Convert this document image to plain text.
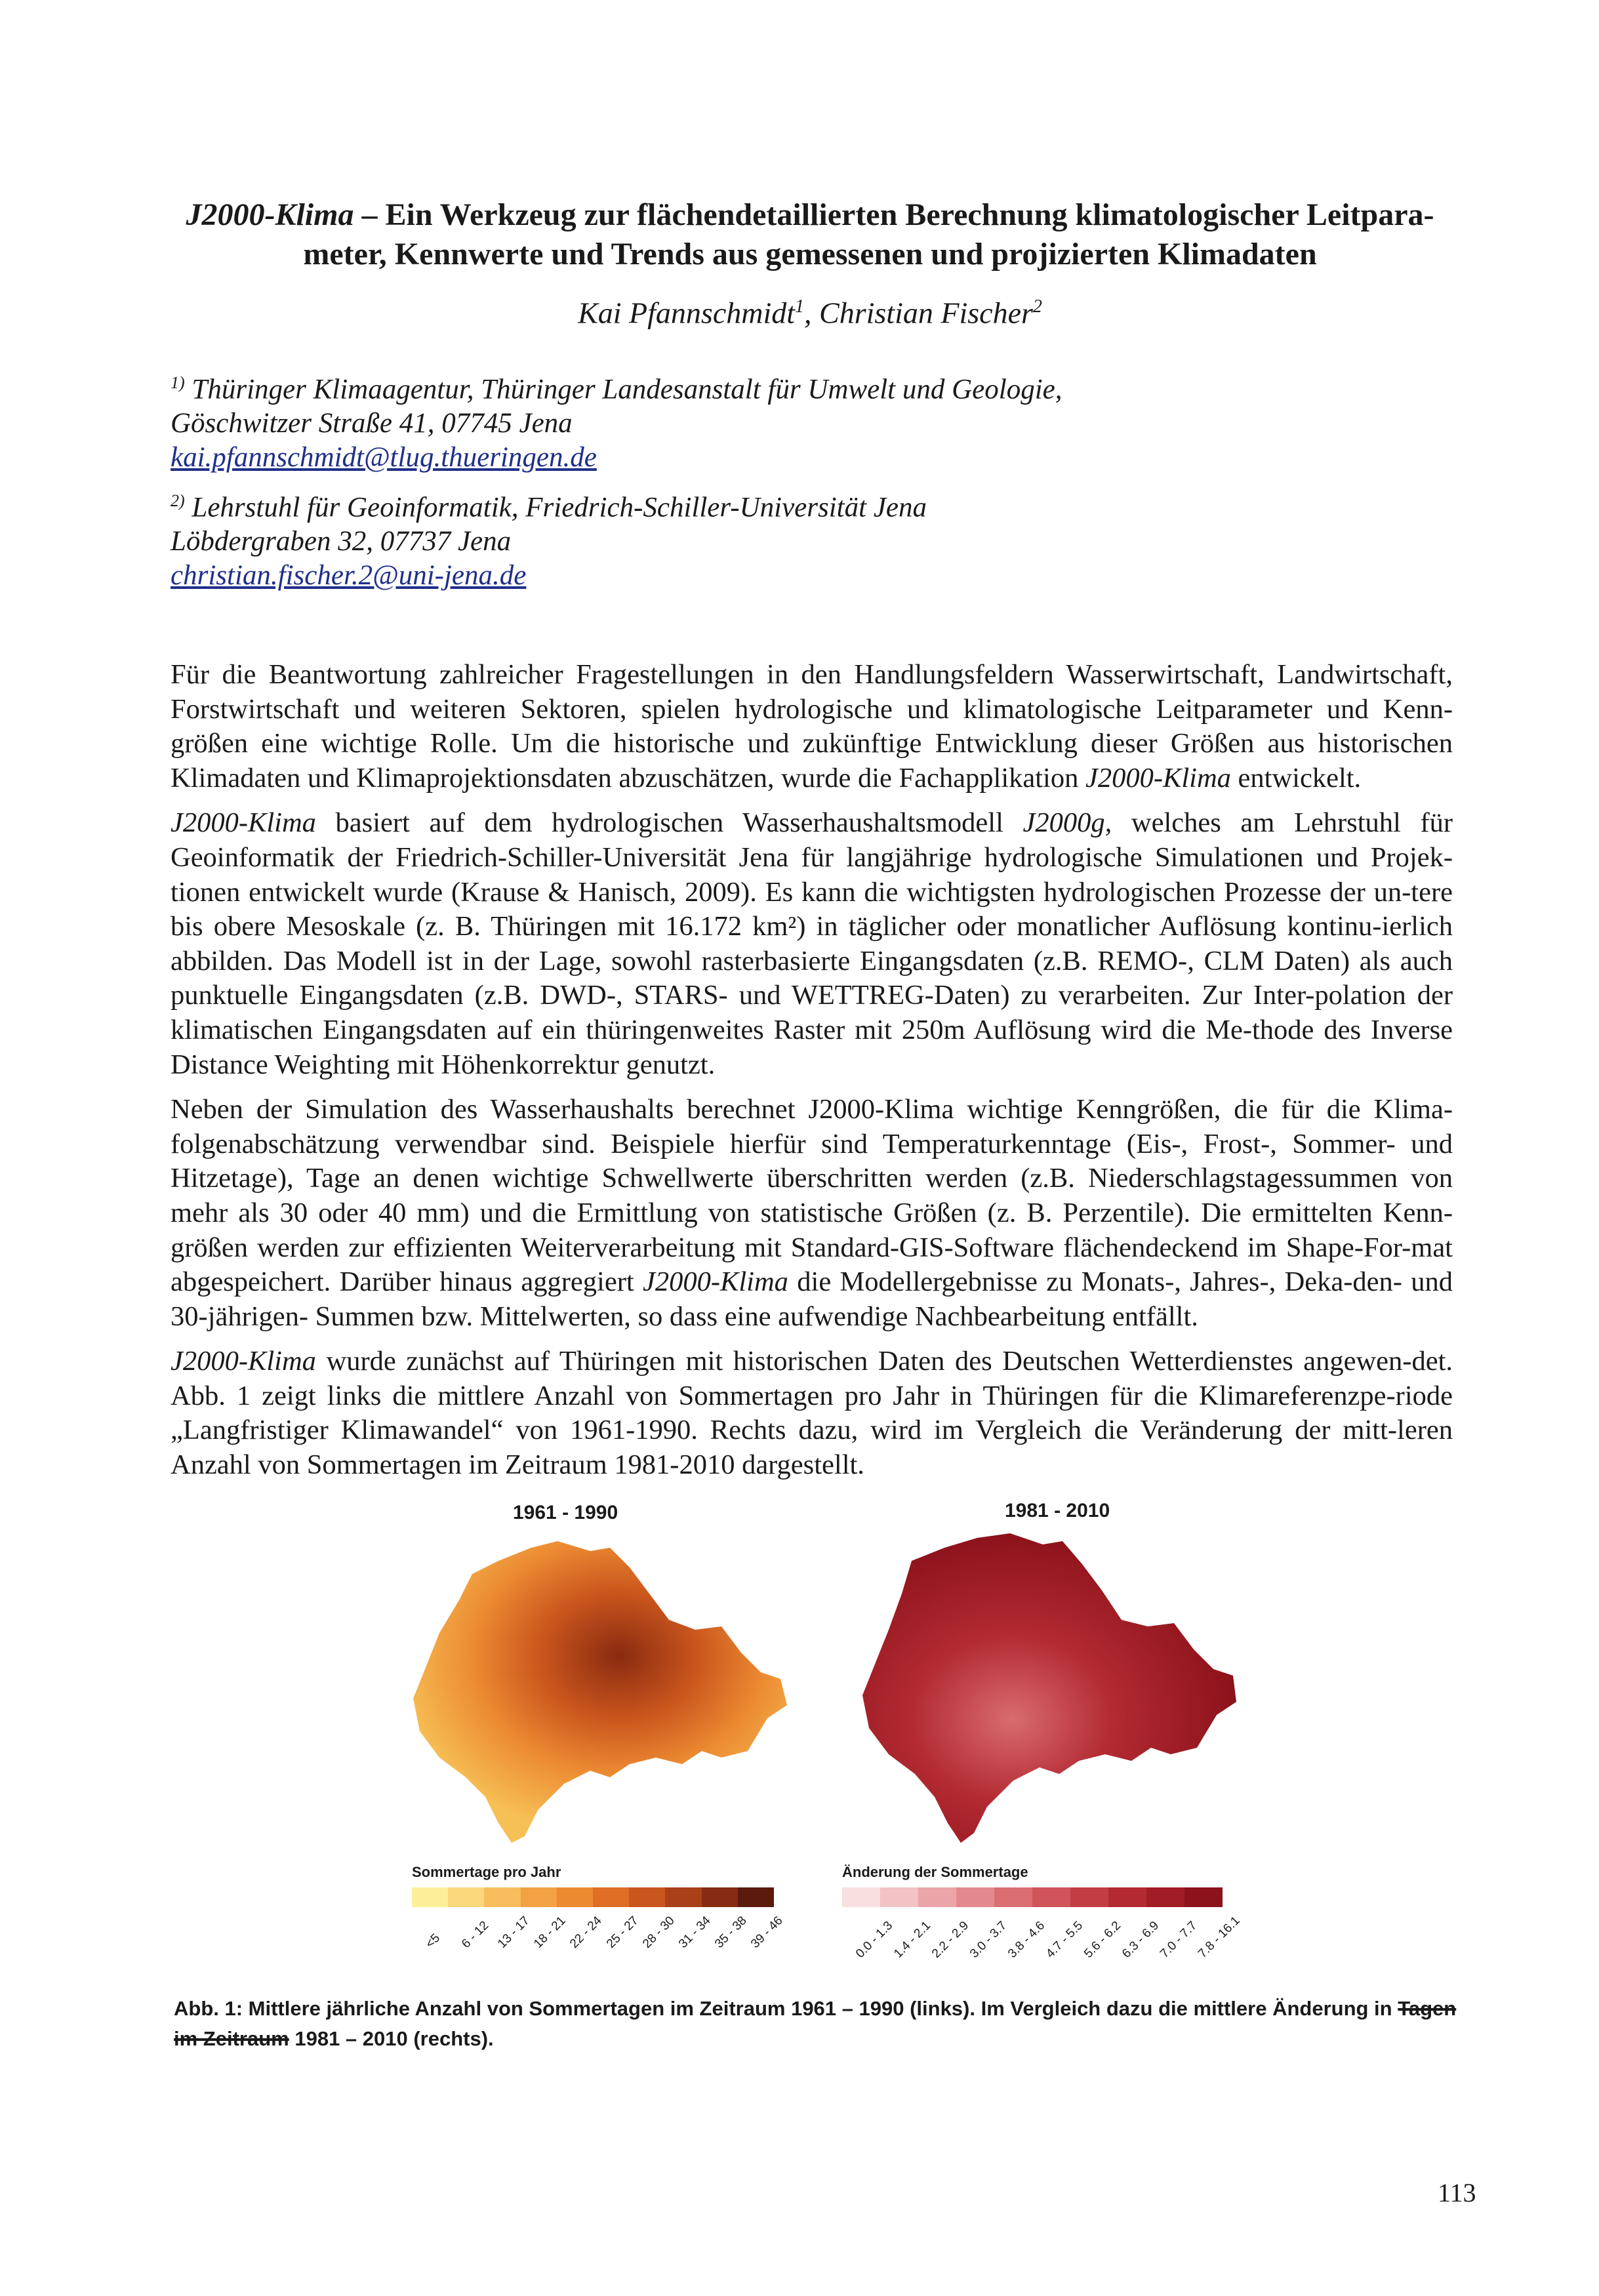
J2000-Klima – Ein Werkzeug zur flächendetaillierten Berechnung klimatologischer Leitpara-meter, Kennwerte und Trends aus gemessenen und projizierten Klimadaten
Kai Pfannschmidt$^1$, Christian Fischer$^2$
$^{1)}$ Thüringer Klimaagentur, Thüringer Landesanstalt für Umwelt und Geologie,
Göschwitzer Straße 41, 07745 Jena
kai.pfannschmidt@tlug.thueringen.de
$^{2)}$ Lehrstuhl für Geoinformatik, Friedrich-Schiller-Universität Jena
Löbdergraben 32, 07737 Jena
christian.fischer.2@uni-jena.de

Für die Beantwortung zahlreicher Fragestellungen in den Handlungsfeldern Wasserwirtschaft, Landwirtschaft, Forstwirtschaft und weiteren Sektoren, spielen hydrologische und klimatologische Leitparameter und Kenn-größen eine wichtige Rolle. Um die historische und zukünftige Entwicklung dieser Größen aus historischen Klimadaten und Klimaprojektionsdaten abzuschätzen, wurde die Fachapplikation J2000-Klima entwickelt.

J2000-Klima basiert auf dem hydrologischen Wasserhaushaltsmodell J2000g, welches am Lehrstuhl für Geoinformatik der Friedrich-Schiller-Universität Jena für langjährige hydrologische Simulationen und Projek-tionen entwickelt wurde (Krause & Hanisch, 2009). Es kann die wichtigsten hydrologischen Prozesse der un-tere bis obere Mesoskale (z. B. Thüringen mit 16.172 km²) in täglicher oder monatlicher Auflösung kontinu-ierlich abbilden. Das Modell ist in der Lage, sowohl rasterbasierte Eingangsdaten (z.B. REMO-, CLM Daten) als auch punktuelle Eingangsdaten (z.B. DWD-, STARS- und WETTREG-Daten) zu verarbeiten. Zur Inter-polation der klimatischen Eingangsdaten auf ein thüringenweites Raster mit 250m Auflösung wird die Me-thode des Inverse Distance Weighting mit Höhenkorrektur genutzt.

Neben der Simulation des Wasserhaushalts berechnet J2000-Klima wichtige Kenngrößen, die für die Klima-folgenabschätzung verwendbar sind. Beispiele hierfür sind Temperaturkenntage (Eis-, Frost-, Sommer- und Hitzetage), Tage an denen wichtige Schwellwerte überschritten werden (z.B. Niederschlagstagessummen von mehr als 30 oder 40 mm) und die Ermittlung von statistische Größen (z. B. Perzentile). Die ermittelten Kenn-größen werden zur effizienten Weiterverarbeitung mit Standard-GIS-Software flächendeckend im Shape-For-mat abgespeichert. Darüber hinaus aggregiert J2000-Klima die Modellergebnisse zu Monats-, Jahres-, Deka-den- und 30-jährigen- Summen bzw. Mittelwerten, so dass eine aufwendige Nachbearbeitung entfällt.

J2000-Klima wurde zunächst auf Thüringen mit historischen Daten des Deutschen Wetterdienstes angewen-det. Abb. 1 zeigt links die mittlere Anzahl von Sommertagen pro Jahr in Thüringen für die Klimareferenzpe-riode „Langfristiger Klimawandel“ von 1961-1990. Rechts dazu, wird im Vergleich die Veränderung der mitt-leren Anzahl von Sommertagen im Zeitraum 1981-2010 dargestellt.

1961 - 1990	1981 - 2010
Sommertage pro Jahr	Änderung der Sommertage
<5 6 - 12 13 - 17
18 - 21
22 - 24
25 - 27
28 - 30
31 - 34
35 - 38
39 - 46	0.0 - 1.3
1.4 - 2.1
2.2 - 2.9
3.0 - 3.7
3.8 - 4.6
4.7 - 5.5
5.6 - 6.2
6.3 - 6.9
7.0 - 7.7
7.8 - 16.1
Abb. 1: Mittlere jährliche Anzahl von Sommertagen im Zeitraum 1961 – 1990 (links). Im Vergleich dazu die mittlere Änderung in Tagen im Zeitraum 1981 – 2010 (rechts).
113
